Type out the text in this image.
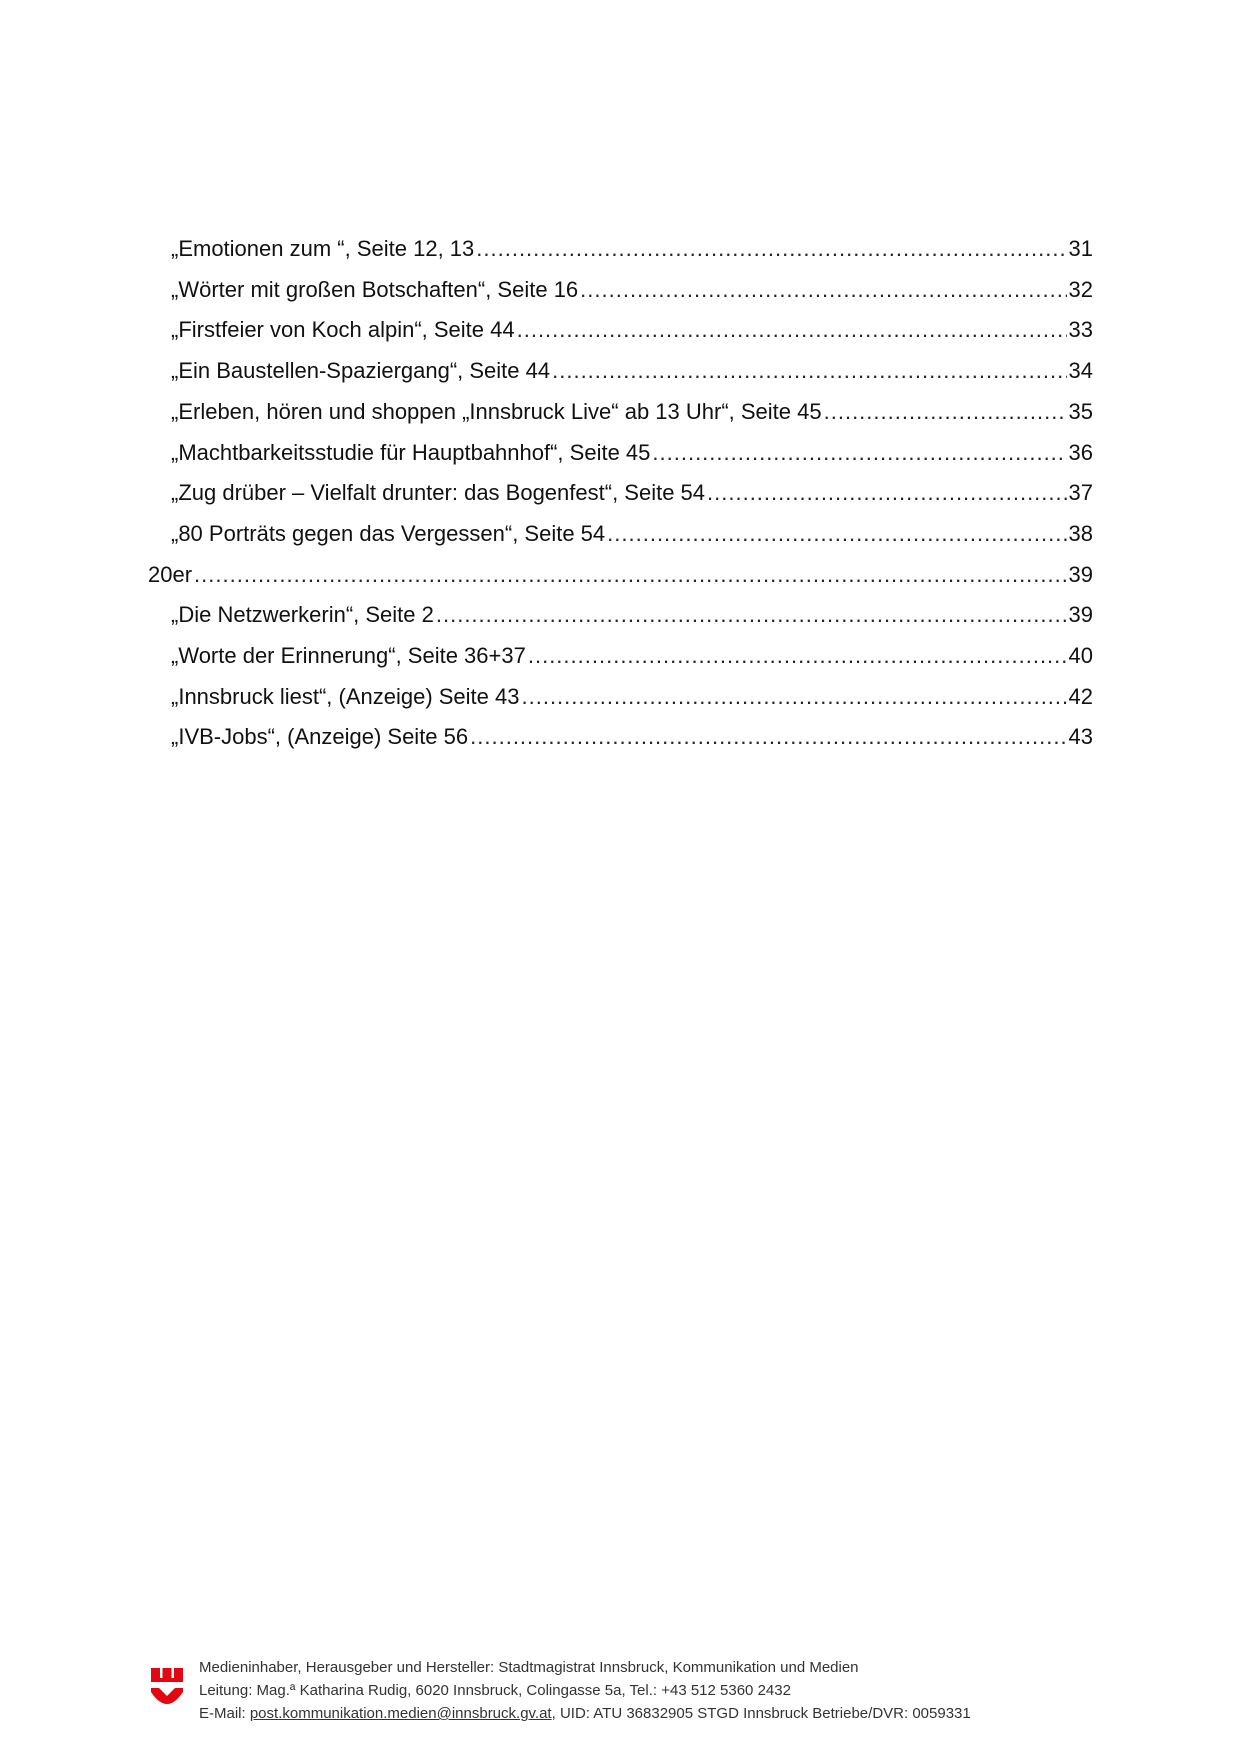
„Emotionen zum “, Seite 12, 13 .....	31
„Wörter mit großen Botschaften“, Seite 16 .....	32
„Firstfeier von Koch alpin“, Seite 44 .....	33
„Ein Baustellen-Spaziergang“, Seite 44 .....	34
„Erleben, hören und shoppen „Innsbruck Live“ ab 13 Uhr“, Seite 45 .....	35
„Machtbarkeitsstudie für Hauptbahnhof“, Seite 45 .....	36
„Zug drüber – Vielfalt drunter: das Bogenfest“, Seite 54 .....	37
„80 Porträts gegen das Vergessen“, Seite 54 .....	38
20er .....	39
„Die Netzwerkerin“, Seite 2 .....	39
„Worte der Erinnerung“, Seite 36+37 .....	40
„Innsbruck liest“, (Anzeige) Seite 43 .....	42
„IVB-Jobs“, (Anzeige) Seite 56 .....	43
Medieninhaber, Herausgeber und Hersteller: Stadtmagistrat Innsbruck, Kommunikation und Medien
Leitung: Mag.ª Katharina Rudig, 6020 Innsbruck, Colingasse 5a, Tel.: +43 512 5360 2432
E-Mail: post.kommunikation.medien@innsbruck.gv.at, UID: ATU 36832905 STGD Innsbruck Betriebe/DVR: 0059331
